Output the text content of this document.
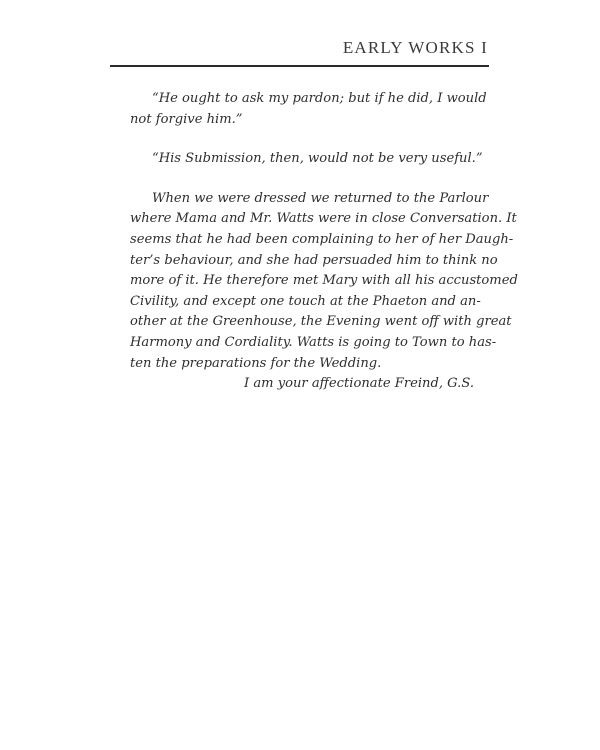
EARLY WORKS I

“He ought to ask my pardon; but if he did, I would
not forgive him.”

“His Submission, then, would not be very useful.”

When we were dressed we returned to the Parlour
where Mama and Mr. Watts were in close Conversation. It
seems that he had been complaining to her of her Daugh-
ter’s behaviour, and she had persuaded him to think no
more of it. He therefore met Mary with all his accustomed
Civility, and except one touch at the Phaeton and an-
other at the Greenhouse, the Evening went off with great
Harmony and Cordiality. Watts is going to Town to has-
ten the preparations for the Wedding.

I am your affectionate Freind, G.S.
